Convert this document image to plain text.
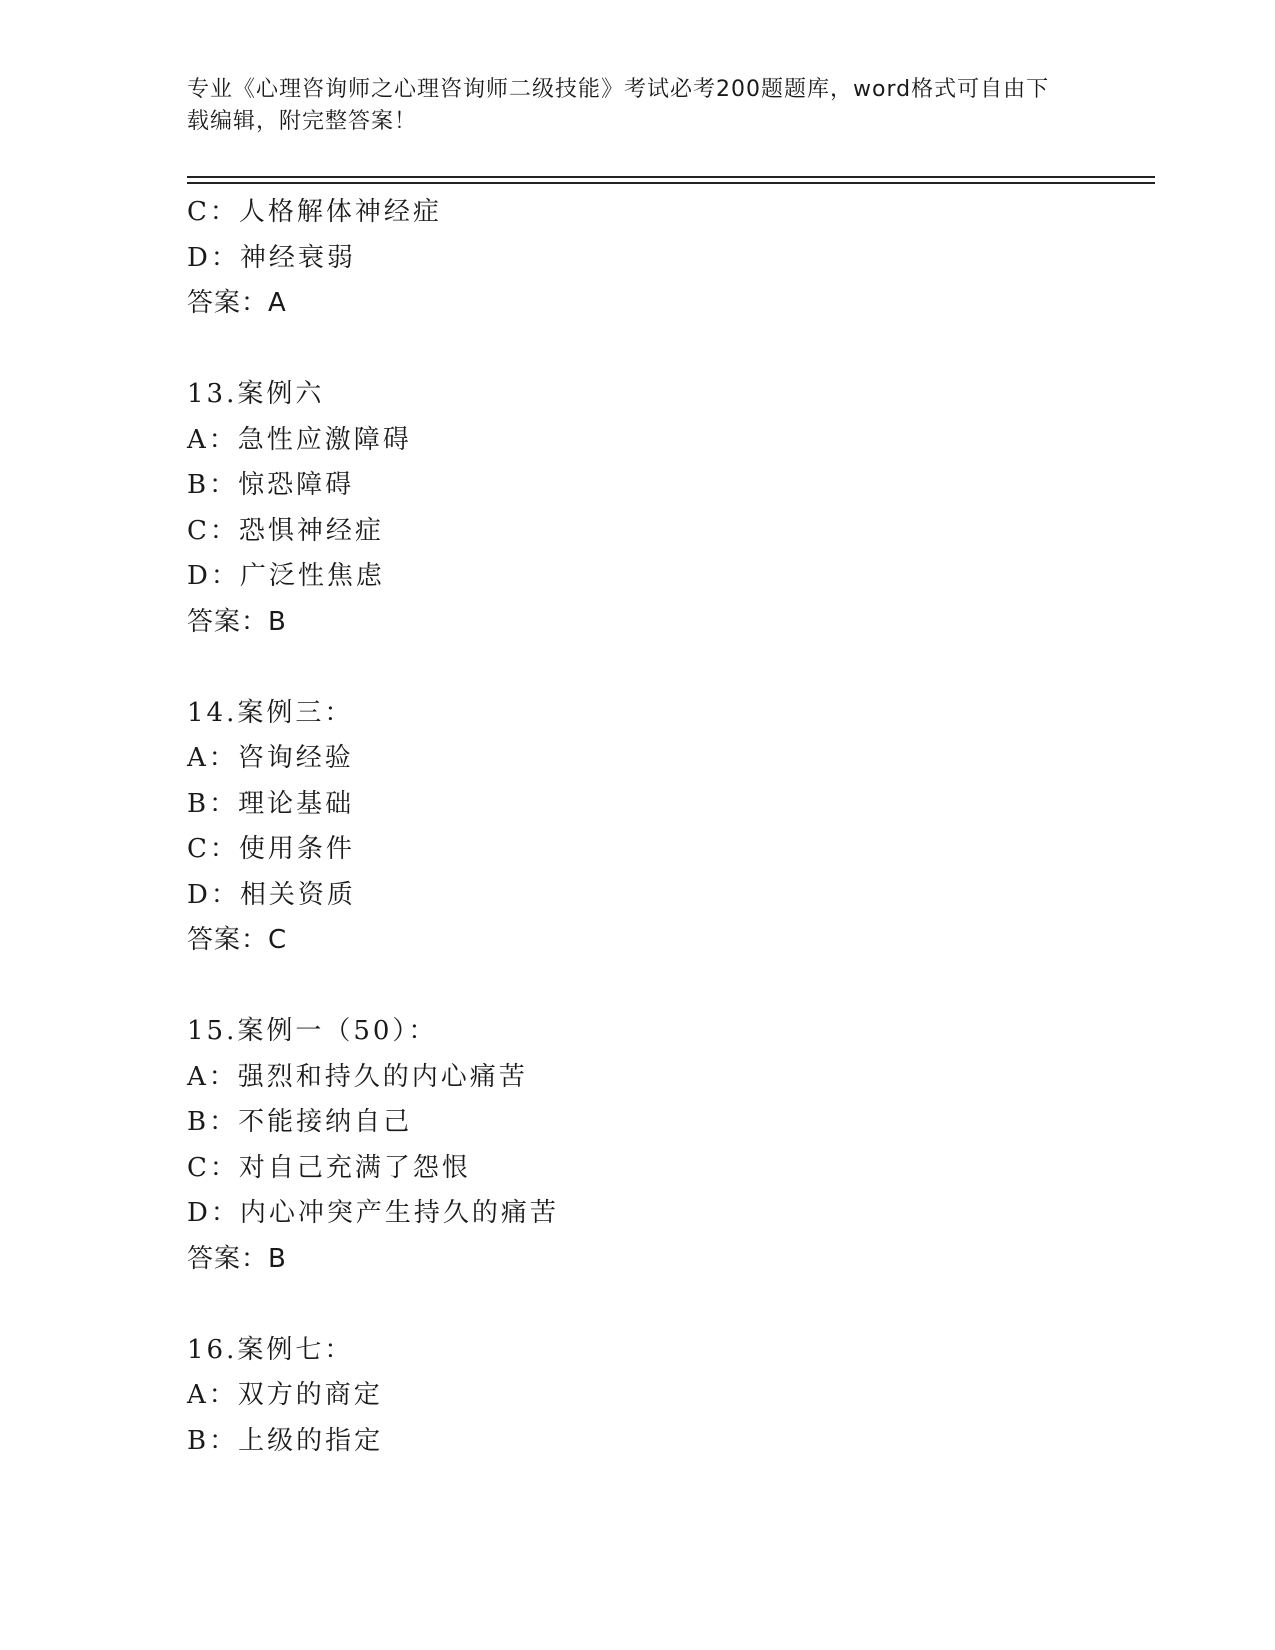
专业《心理咨询师之心理咨询师二级技能》考试必考200题题库，word格式可自由下载编辑，附完整答案！
C：人格解体神经症
D：神经衰弱
答案：A
13.案例六
A：急性应激障碍
B：惊恐障碍
C：恐惧神经症
D：广泛性焦虑
答案：B
14.案例三：
A：咨询经验
B：理论基础
C：使用条件
D：相关资质
答案：C
15.案例一（50）：
A：强烈和持久的内心痛苦
B：不能接纳自己
C：对自己充满了怨恨
D：内心冲突产生持久的痛苦
答案：B
16.案例七：
A：双方的商定
B：上级的指定
